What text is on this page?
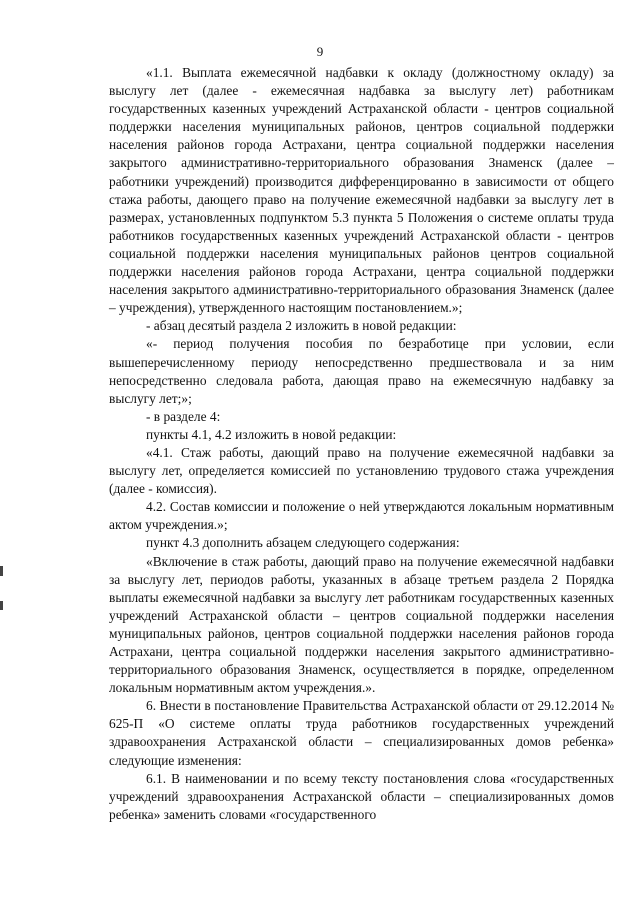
9

«1.1. Выплата ежемесячной надбавки к окладу (должностному окладу) за выслугу лет (далее - ежемесячная надбавка за выслугу лет) работникам государственных казенных учреждений Астраханской области - центров социальной поддержки населения муниципальных районов, центров социальной поддержки населения районов города Астрахани, центра социальной поддержки населения закрытого административно-территориального образования Знаменск (далее – работники учреждений) производится дифференцированно в зависимости от общего стажа работы, дающего право на получение ежемесячной надбавки за выслугу лет в размерах, установленных подпунктом 5.3 пункта 5 Положения о системе оплаты труда работников государственных казенных учреждений Астраханской области - центров социальной поддержки населения муниципальных районов центров социальной поддержки населения районов города Астрахани, центра социальной поддержки населения закрытого административно-территориального образования Знаменск (далее – учреждения), утвержденного настоящим постановлением.»;

- абзац десятый раздела 2 изложить в новой редакции:

«- период получения пособия по безработице при условии, если вышеперечисленному периоду непосредственно предшествовала и за ним непосредственно следовала работа, дающая право на ежемесячную надбавку за выслугу лет;»;

- в разделе 4:

пункты 4.1, 4.2 изложить в новой редакции:

«4.1. Стаж работы, дающий право на получение ежемесячной надбавки за выслугу лет, определяется комиссией по установлению трудового стажа учреждения (далее - комиссия).

4.2. Состав комиссии и положение о ней утверждаются локальным нормативным актом учреждения.»;

пункт 4.3 дополнить абзацем следующего содержания:

«Включение в стаж работы, дающий право на получение ежемесячной надбавки за выслугу лет, периодов работы, указанных в абзаце третьем раздела 2 Порядка выплаты ежемесячной надбавки за выслугу лет работникам государственных казенных учреждений Астраханской области – центров социальной поддержки населения муниципальных районов, центров социальной поддержки населения районов города Астрахани, центра социальной поддержки населения закрытого административно-территориального образования Знаменск, осуществляется в порядке, определенном локальным нормативным актом учреждения.».

6. Внести в постановление Правительства Астраханской области от 29.12.2014 № 625-П «О системе оплаты труда работников государственных учреждений здравоохранения Астраханской области – специализированных домов ребенка» следующие изменения:

6.1. В наименовании и по всему тексту постановления слова «государственных учреждений здравоохранения Астраханской области – специализированных домов ребенка» заменить словами «государственного
